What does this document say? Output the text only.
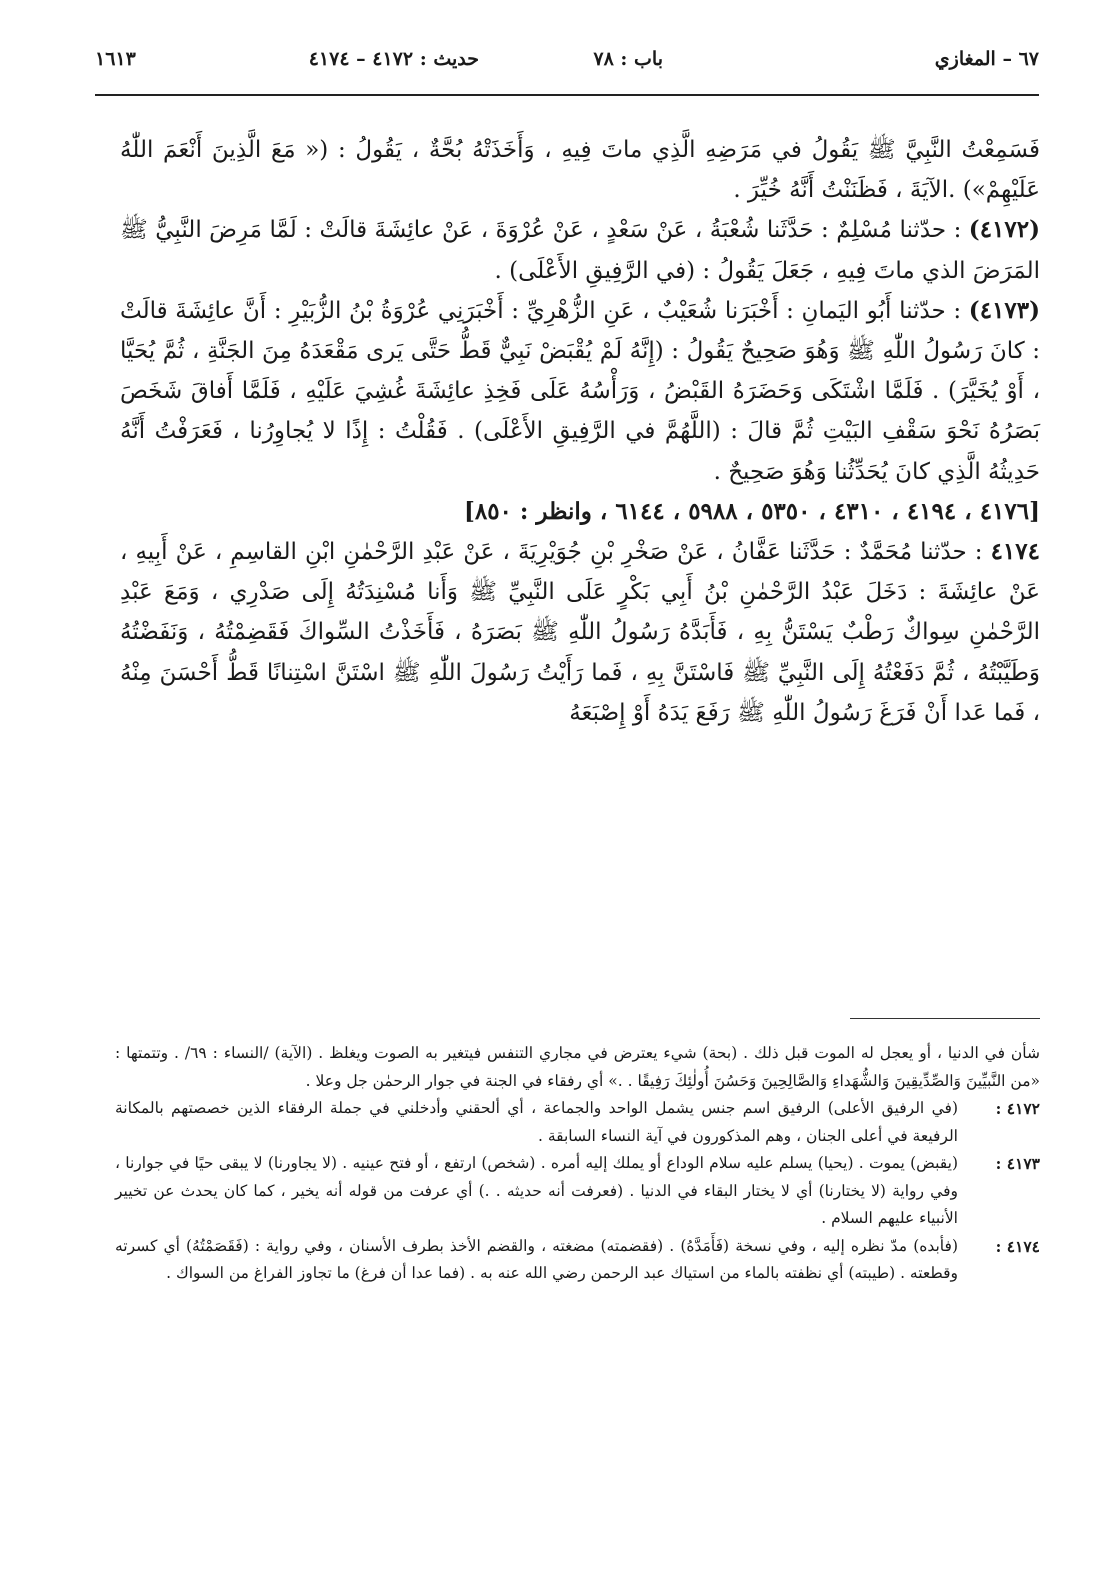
٦٧ – المغازي
باب : ٧٨
حديث : ٤١٧٢ – ٤١٧٤
١٦١٣

فَسَمِعْتُ النَّبِيَّ ﷺ يَقُولُ في مَرَضِهِ الَّذِي ماتَ فِيهِ ، وَأَخَذَتْهُ بُحَّةٌ ، يَقُولُ : (« مَعَ الَّذِينَ أَنْعَمَ اللّٰهُ عَلَيْهِمْ») .الآيَةَ ، فَظَنَنْتُ أَنَّهُ خُيِّرَ .

(٤١٧٢) : حدّثنا مُسْلِمٌ : حَدَّثَنا شُعْبَةُ ، عَنْ سَعْدٍ ، عَنْ عُرْوَةَ ، عَنْ عائِشَةَ قالَتْ : لَمَّا مَرِضَ النَّبِيُّ ﷺ المَرَضَ الذي ماتَ فِيهِ ، جَعَلَ يَقُولُ : (في الرَّفِيقِ الأَعْلَى) .

(٤١٧٣) : حدّثنا أَبُو اليَمانِ : أَخْبَرَنا شُعَيْبٌ ، عَنِ الزُّهْرِيِّ : أَخْبَرَنِي عُرْوَةُ بْنُ الزُّبَيْرِ : أَنَّ عائِشَةَ قالَتْ : كانَ رَسُولُ اللّٰهِ ﷺ وَهُوَ صَحِيحٌ يَقُولُ : (إِنَّهُ لَمْ يُقْبَضْ نَبِيٌّ قَطُّ حَتَّى يَرى مَقْعَدَهُ مِنَ الجَنَّةِ ، ثُمَّ يُحَيَّا ، أَوْ يُخَيَّرَ) . فَلَمَّا اشْتَكَى وَحَضَرَهُ القَبْضُ ، وَرَأْسُهُ عَلَى فَخِذِ عائِشَةَ غُشِيَ عَلَيْهِ ، فَلَمَّا أَفاقَ شَخَصَ بَصَرُهُ نَحْوَ سَقْفِ البَيْتِ ثُمَّ قالَ : (اللَّهُمَّ في الرَّفِيقِ الأَعْلَى) . فَقُلْتُ : إِذًا لا يُجاوِرُنا ، فَعَرَفْتُ أَنَّهُ حَدِيثُهُ الَّذِي كانَ يُحَدِّثُنا وَهُوَ صَحِيحٌ .

[٤١٧٦ ، ٤١٩٤ ، ٤٣١٠ ، ٥٣٥٠ ، ٥٩٨٨ ، ٦١٤٤ ، وانظر : ٨٥٠]

٤١٧٤ : حدّثنا مُحَمَّدٌ : حَدَّثَنا عَفَّانُ ، عَنْ صَخْرِ بْنِ جُوَيْرِيَةَ ، عَنْ عَبْدِ الرَّحْمٰنِ ابْنِ القاسِمِ ، عَنْ أَبِيهِ ، عَنْ عائِشَةَ : دَخَلَ عَبْدُ الرَّحْمٰنِ بْنُ أَبِي بَكْرٍ عَلَى النَّبِيِّ ﷺ وَأَنا مُسْنِدَتُهُ إِلَى صَدْرِي ، وَمَعَ عَبْدِ الرَّحْمٰنِ سِواكٌ رَطْبٌ يَسْتَنُّ بِهِ ، فَأَبَدَّهُ رَسُولُ اللّٰهِ ﷺ بَصَرَهُ ، فَأَخَذْتُ السِّواكَ فَقَضِمْتُهُ ، وَنَفَضْتُهُ وَطَيَّبْتُهُ ، ثُمَّ دَفَعْتُهُ إِلَى النَّبِيِّ ﷺ فَاسْتَنَّ بِهِ ، فَما رَأَيْتُ رَسُولَ اللّٰهِ ﷺ اسْتَنَّ اسْتِنانًا قَطُّ أَحْسَنَ مِنْهُ ، فَما عَدا أَنْ فَرَغَ رَسُولُ اللّٰهِ ﷺ رَفَعَ يَدَهُ أَوْ إِصْبَعَهُ

شأن في الدنيا ، أو يعجل له الموت قبل ذلك . (بحة) شيء يعترض في مجاري التنفس فيتغير به الصوت ويغلظ . (الآية) /النساء : ٦٩/ . وتتمتها : «من النَّبيِّينَ وَالصِّدِّيقِينَ وَالشُّهَداءِ وَالصَّالِحِينَ وَحَسُنَ أُولٰئِكَ رَفِيقًا . .» أي رفقاء في الجنة في جوار الرحمٰن جل وعلا .

٤١٧٢ :
(في الرفيق الأعلى) الرفيق اسم جنس يشمل الواحد والجماعة ، أي ألحقني وأدخلني في جملة الرفقاء الذين خصصتهم بالمكانة الرفيعة في أعلى الجنان ، وهم المذكورون في آية النساء السابقة .

٤١٧٣ :
(يقبض) يموت . (يحيا) يسلم عليه سلام الوداع أو يملك إليه أمره . (شخص) ارتفع ، أو فتح عينيه . (لا يجاورنا) لا يبقى حيًا في جوارنا ، وفي رواية (لا يختارنا) أي لا يختار البقاء في الدنيا . (فعرفت أنه حديثه . .) أي عرفت من قوله أنه يخير ، كما كان يحدث عن تخيير الأنبياء عليهم السلام .

٤١٧٤ :
(فأبده) مدّ نظره إليه ، وفي نسخة (فَأَمَدَّهُ) . (فقضمته) مضغته ، والقضم الأخذ بطرف الأسنان ، وفي رواية : (فَقَصَمْتُهُ) أي كسرته وقطعته . (طيبته) أي نظفته بالماء من استياك عبد الرحمن رضي الله عنه به . (فما عدا أن فرغ) ما تجاوز الفراغ من السواك .
